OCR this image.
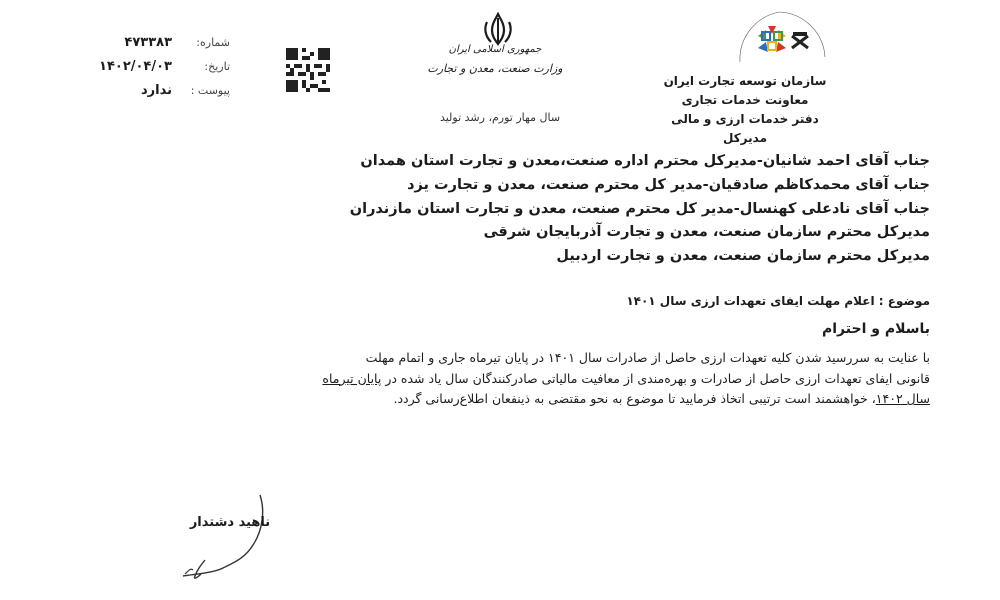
سازمان توسعه تجارت ایران
معاونت خدمات تجاری
دفتر خدمات ارزی و مالی
مدیرکل
جمهوری اسلامی ایران
وزارت صنعت، معدن و تجارت
سال مهار تورم، رشد تولید
شماره:
۴۷۳۳۸۳
تاریخ:
۱۴۰۲/۰۴/۰۳
پیوست :
ندارد
جناب آقای احمد شانیان-مدیرکل محترم اداره صنعت،معدن و تجارت استان همدان
جناب آقای محمدکاظم صادقیان-مدیر کل محترم صنعت، معدن و تجارت یزد
جناب آقای نادعلی کهنسال-مدیر کل محترم صنعت، معدن و تجارت استان مازندران
مدیرکل محترم سازمان صنعت، معدن و تجارت آذربایجان شرقی
مدیرکل محترم سازمان صنعت، معدن و تجارت اردبیل
موضوع : اعلام مهلت ایفای تعهدات ارزی سال ۱۴۰۱
باسلام و احترام
با عنایت به سررسید شدن کلیه تعهدات ارزی حاصل از صادرات سال ۱۴۰۱ در پایان تیرماه جاری و اتمام مهلت
قانونی ایفای تعهدات ارزی حاصل از صادرات و بهره‌مندی از معافیت مالیاتی صادرکنندگان سال یاد شده در پایان تیرماه
سال ۱۴۰۲، خواهشمند است ترتیبی اتخاذ فرمایید تا موضوع به نحو مقتضی به ذینفعان اطلاع‌رسانی گردد.
ناهید دشتدار
